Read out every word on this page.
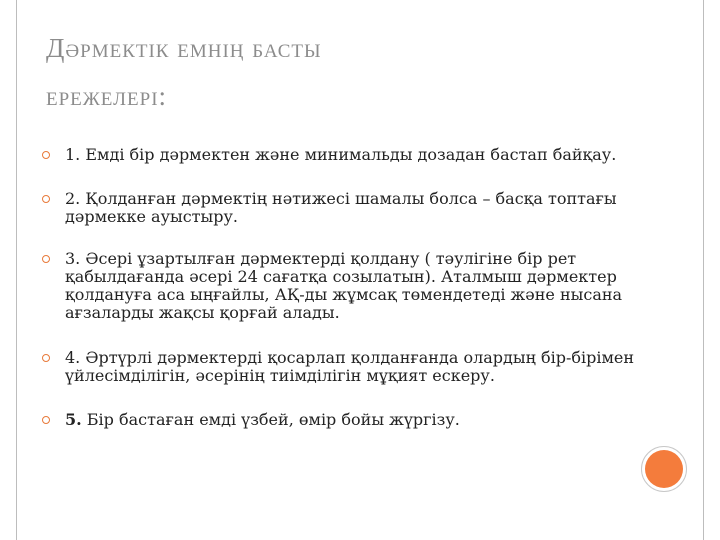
Дәрмектік емнің басты
ережелері:
1. Емді бір дәрмектен және минимальды дозадан бастап байқау.
2. Қолданған дәрмектің нәтижесі шамалы болса – басқа топтағы дәрмекке ауыстыру.
3. Әсері ұзартылған дәрмектерді қолдану ( тәулігіне бір рет қабылдағанда әсері 24 сағатқа созылатын). Аталмыш дәрмектер қолдануға аса ыңғайлы, АҚ-ды жұмсақ төмендетеді және нысана ағзаларды жақсы қорғай алады.
4. Әртүрлі дәрмектерді қосарлап қолданғанда олардың бір-бірімен үйлесімділігін, әсерінің тиімділігін мұқият ескеру.
5. Бір бастаған емді үзбей, өмір бойы жүргізу.
